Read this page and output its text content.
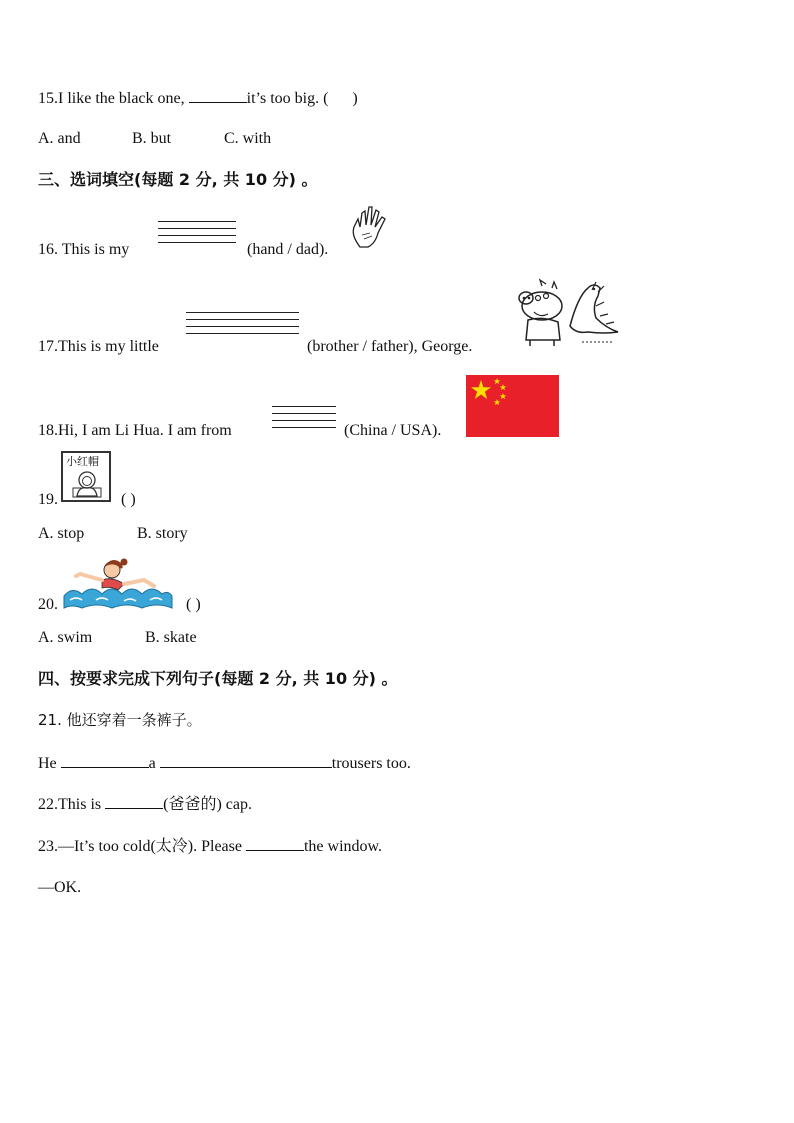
15.I like the black one,	it’s too big. ( )
A. and	B. but	C. with
三、选词填空(每题 2 分, 共 10 分) 。
16. This is my	(hand / dad).
17.This is my little	(brother / father), George.
18.Hi, I am Li Hua. I am from	(China / USA).
小红帽
19.	( )
A. stop	B. story
20.	( )
A. swim	B. skate
四、按要求完成下列句子(每题 2 分, 共 10 分) 。
21. 他还穿着一条裤子。
He	a	trousers too.
22.This is	(爸爸的) cap.
23.—It’s too cold(太冷). Please	the window.
—OK.
